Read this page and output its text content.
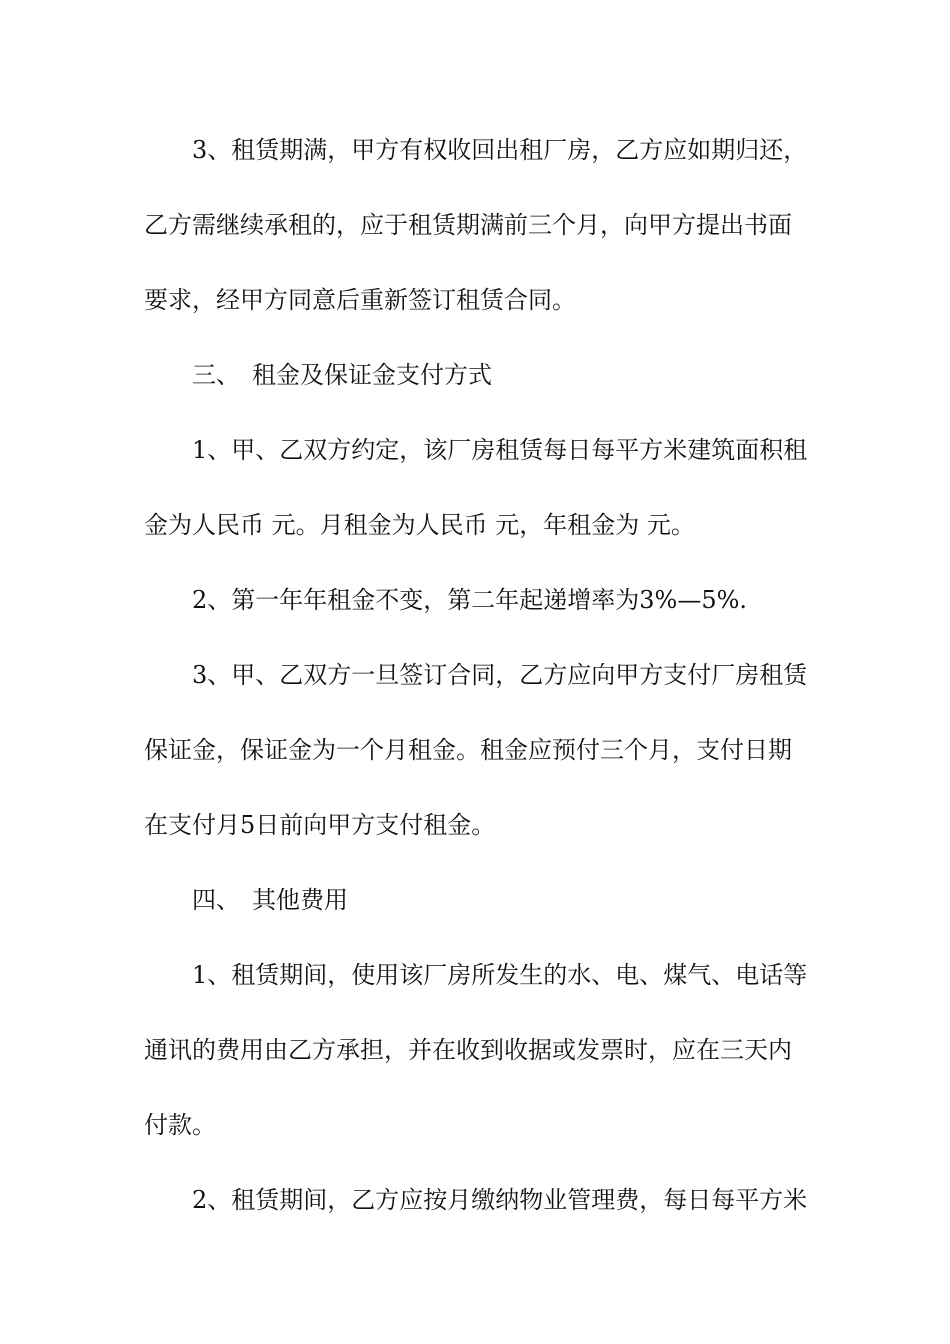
3、租赁期满，甲方有权收回出租厂房，乙方应如期归还，
乙方需继续承租的，应于租赁期满前三个月，向甲方提出书面
要求，经甲方同意后重新签订租赁合同。
三、 租金及保证金支付方式
1、甲、乙双方约定，该厂房租赁每日每平方米建筑面积租
金为人民币 元。月租金为人民币 元，年租金为 元。
2、第一年年租金不变，第二年起递增率为3%—5%.
3、甲、乙双方一旦签订合同，乙方应向甲方支付厂房租赁
保证金，保证金为一个月租金。租金应预付三个月，支付日期
在支付月5日前向甲方支付租金。
四、 其他费用
1、租赁期间，使用该厂房所发生的水、电、煤气、电话等
通讯的费用由乙方承担，并在收到收据或发票时，应在三天内
付款。
2、租赁期间，乙方应按月缴纳物业管理费，每日每平方米
